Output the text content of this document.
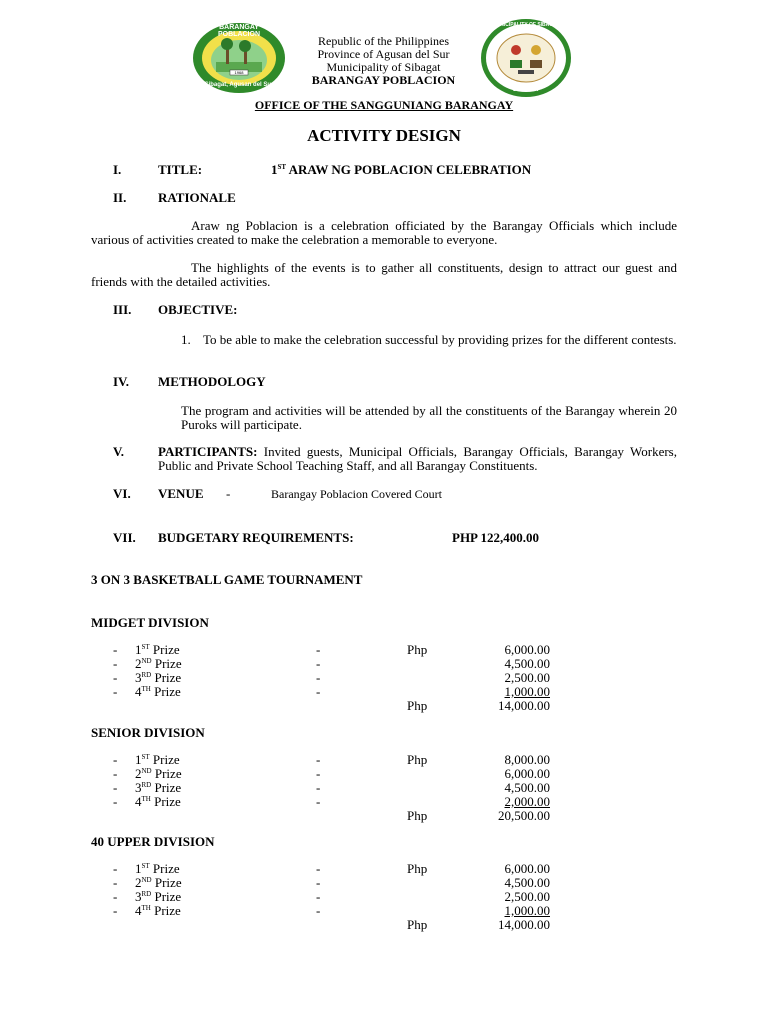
BARANGAY POBLACION
1968
Sibagat, Agusan del Sur
Republic of the Philippines
Province of Agusan del Sur
Municipality of Sibagat
BARANGAY POBLACION
MUNICIPALITY OF SIBAGAT
SIBAGAT
OFFICE OF THE SANGGUNIANG BARANGAY
ACTIVITY DESIGN
I.	TITLE:	1ST ARAW NG POBLACION CELEBRATION
II. RATIONALE
Araw ng Poblacion is a celebration officiated by the Barangay Officials which include various of activities created to make the celebration a memorable to everyone.
The highlights of the events is to gather all constituents, design to attract our guest and friends with the detailed activities.
III. OBJECTIVE:
1. To be able to make the celebration successful by providing prizes for the different contests.
IV. METHODOLOGY
The program and activities will be attended by all the constituents of the Barangay wherein 20 Puroks will participate.
V.	PARTICIPANTS: Invited guests, Municipal Officials, Barangay Officials, Barangay Workers, Public and Private School Teaching Staff, and all Barangay Constituents.
VI. VENUE -	Barangay Poblacion Covered Court
VII. BUDGETARY REQUIREMENTS:	PHP 122,400.00
3 ON 3 BASKETBALL GAME TOURNAMENT
MIDGET DIVISION
- 1ST Prize	-	Php	6,000.00
- 2ND Prize	-	4,500.00
- 3RD Prize	-	2,500.00
- 4TH Prize	-	1,000.00
Php	14,000.00
SENIOR DIVISION
- 1ST Prize	-	Php	8,000.00
- 2ND Prize	-	6,000.00
- 3RD Prize	-	4,500.00
- 4TH Prize	-	2,000.00
Php	20,500.00
40 UPPER DIVISION
- 1ST Prize	-	Php	6,000.00
- 2ND Prize	-	4,500.00
- 3RD Prize	-	2,500.00
- 4TH Prize	-	1,000.00
Php	14,000.00
